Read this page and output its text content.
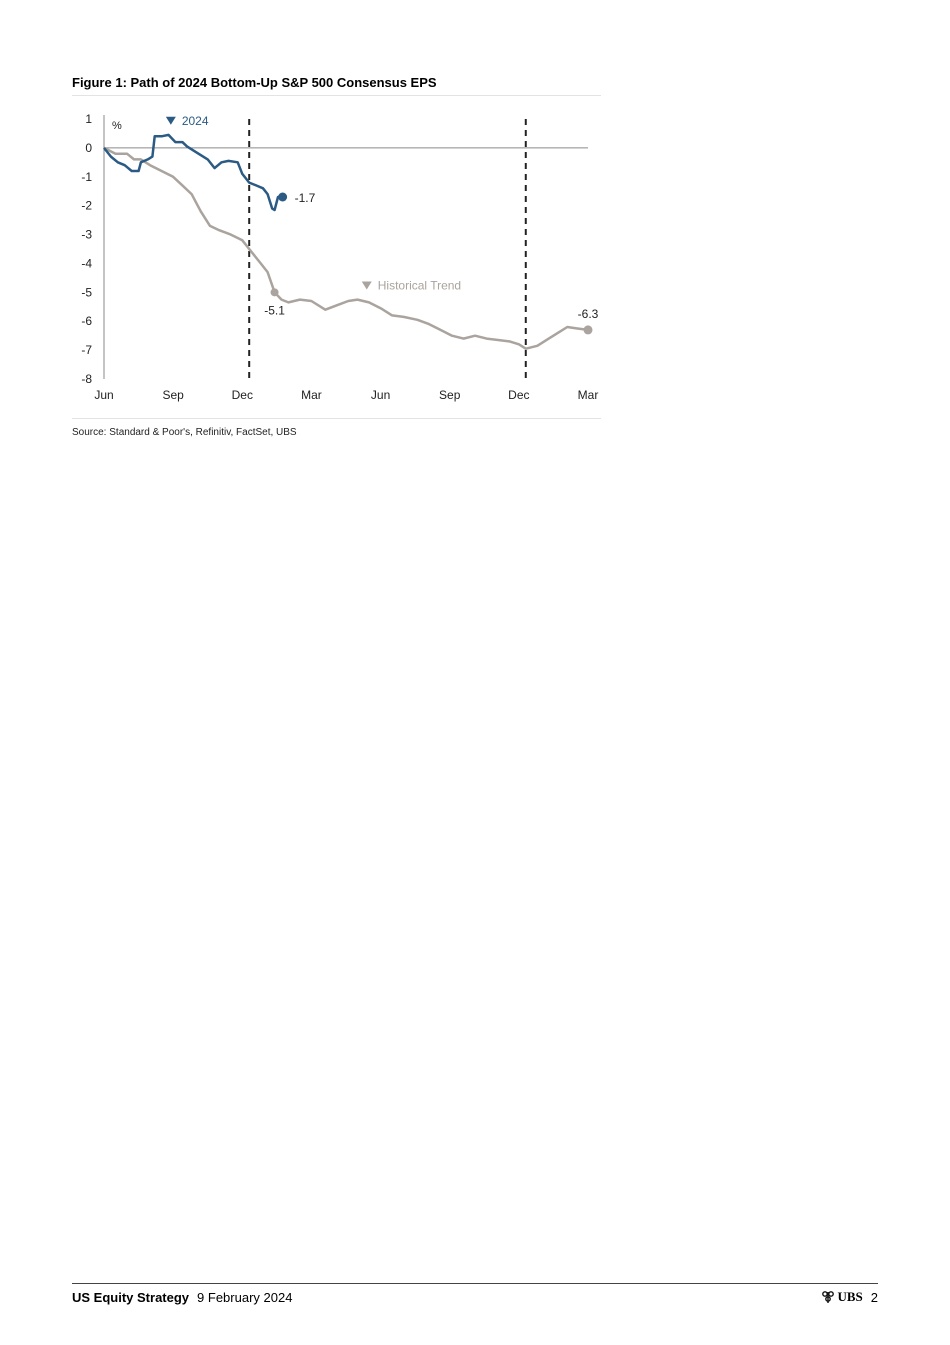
Figure 1: Path of 2024 Bottom-Up S&P 500 Consensus EPS
1
0
-1
-2
-3
-4
-5
-6
-7
-8
%
Jun	Sep	Dec	Mar	Jun	Sep	Dec	Mar
-1.7
-5.1	-6.3
2024
Historical Trend
Source: Standard & Poor's, Refinitiv, FactSet, UBS
US Equity Strategy 9 February 2024	UBS 2
